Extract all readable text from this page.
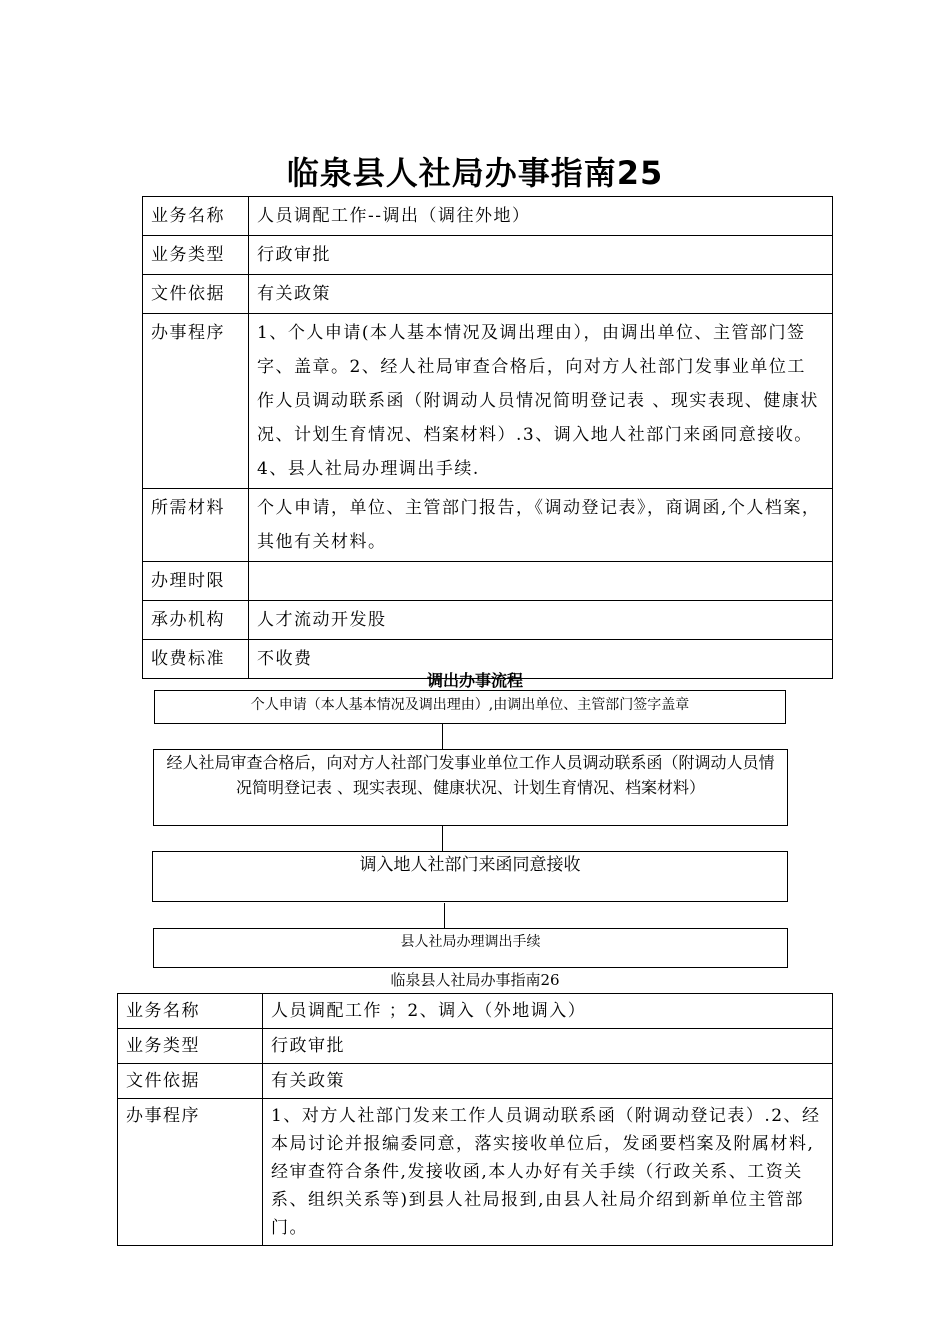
临泉县人社局办事指南25
业务名称	人员调配工作--调出（调往外地）
业务类型	行政审批
文件依据	有关政策
办事程序	1、个人申请(本人基本情况及调出理由），由调出单位、主管部门签字、盖章。2、经人社局审查合格后，向对方人社部门发事业单位工作人员调动联系函（附调动人员情况简明登记表 、现实表现、健康状况、计划生育情况、档案材料）.3、调入地人社部门来函同意接收。4、县人社局办理调出手续.
所需材料	个人申请，单位、主管部门报告，《调动登记表》，商调函,个人档案，其他有关材料。
办理时限	
承办机构	人才流动开发股
收费标准	不收费
调出办事流程
个人申请（本人基本情况及调出理由）,由调出单位、主管部门签字盖章
经人社局审查合格后，向对方人社部门发事业单位工作人员调动联系函（附调动人员情况简明登记表 、现实表现、健康状况、计划生育情况、档案材料）
调入地人社部门来函同意接收
县人社局办理调出手续
临泉县人社局办事指南26
业务名称	人员调配工作 ；2、调入（外地调入）
业务类型	行政审批
文件依据	有关政策
办事程序	1、对方人社部门发来工作人员调动联系函（附调动登记表）.2、经本局讨论并报编委同意，落实接收单位后，发函要档案及附属材料,经审查符合条件,发接收函,本人办好有关手续（行政关系、工资关系、组织关系等)到县人社局报到,由县人社局介绍到新单位主管部门。
